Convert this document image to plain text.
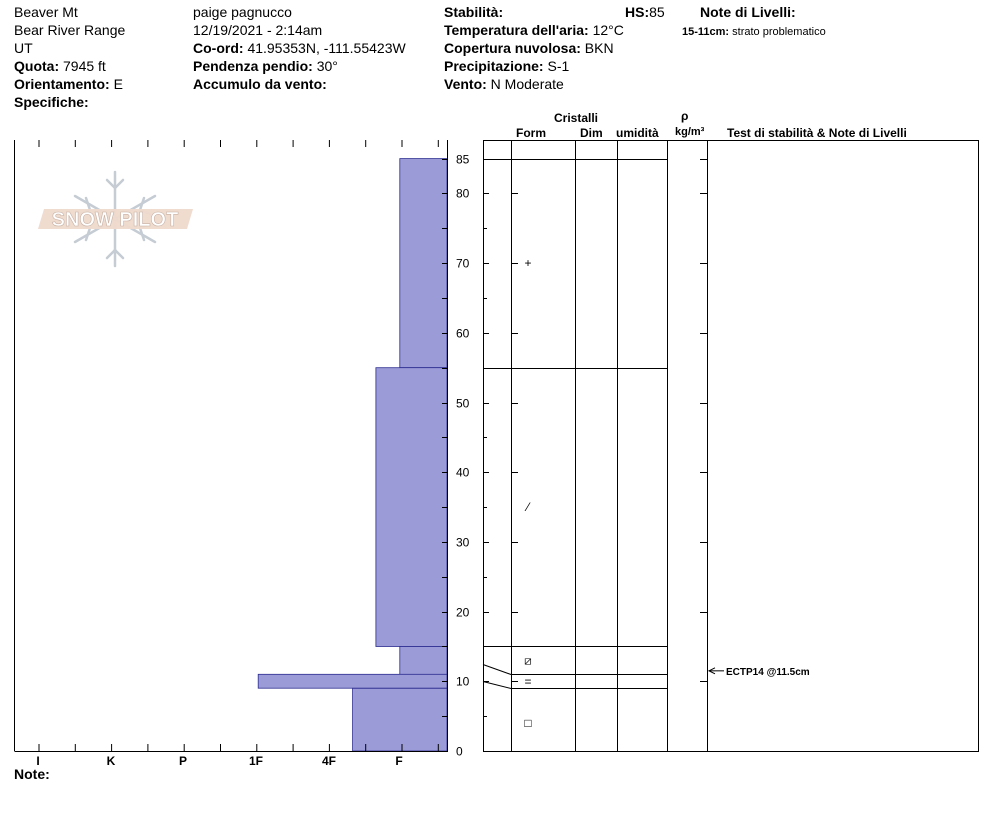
Beaver Mt
Bear River Range
UT
Quota: 7945 ft
Orientamento: E
Specifiche:
paige pagnucco
12/19/2021 - 2:14am
Co-ord: 41.95353N, -111.55423W
Pendenza pendio: 30°
Accumulo da vento:
Stabilità:
Temperatura dell'aria: 12°C
Copertura nuvolosa: BKN
Precipitazione: S-1
Vento: N Moderate
HS:85	Note di Livelli:
15-11cm: strato problematico
Cristalli
Form	Dim umidità
ρ
kg/m³ Test di stabilità & Note di Livelli
Note:
SNOW PILOT
I	K	P	1F	4F	F
0
10
20
30
40
50
60
70
80
85
+
⁄
⧄
=
□
ECTP14 @11.5cm
